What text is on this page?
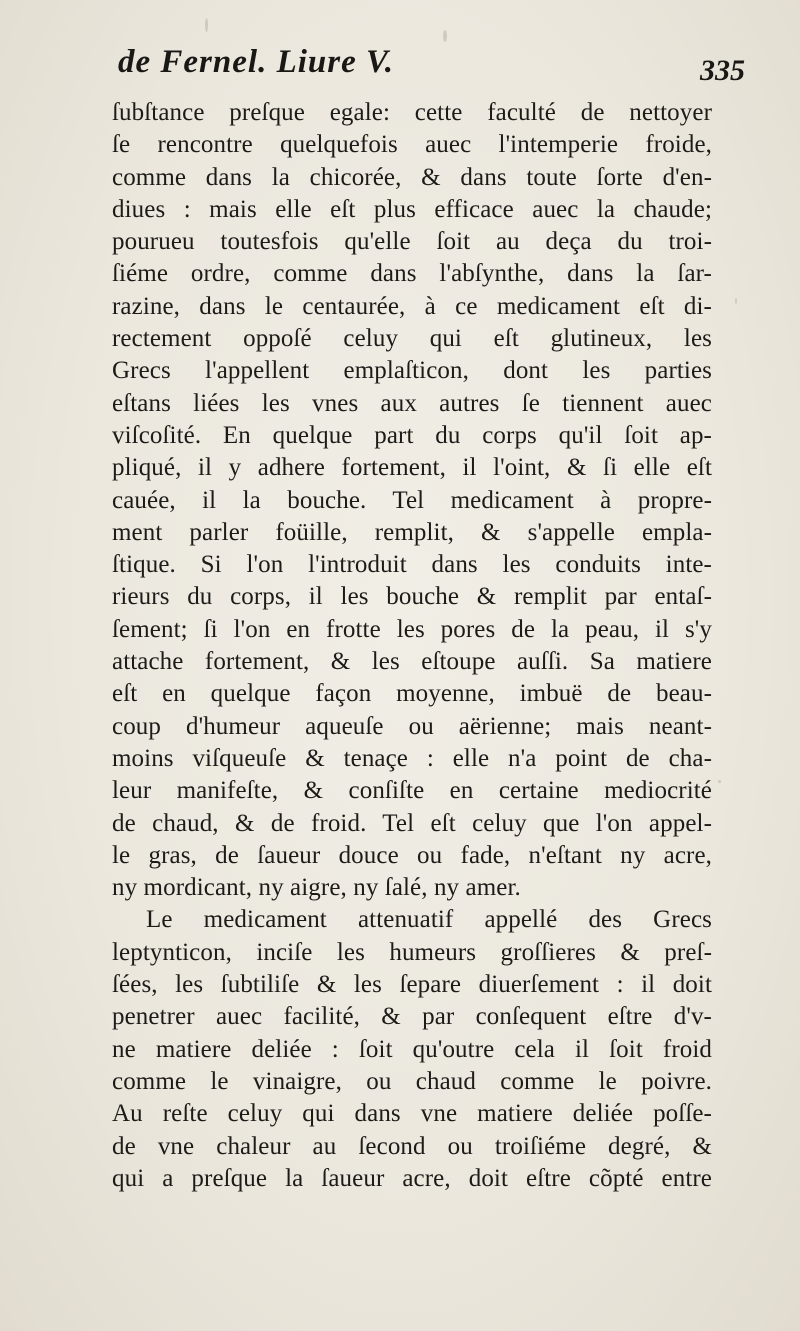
de Fernel. Liure V.	335
ſubſtance preſque egale: cette faculté de nettoyer
ſe rencontre quelquefois auec l'intemperie froide,
comme dans la chicorée, & dans toute ſorte d'en-
diues : mais elle eſt plus efficace auec la chaude;
pourueu toutesfois qu'elle ſoit au deça du troi-
ſiéme ordre, comme dans l'abſynthe, dans la ſar-
razine, dans le centaurée, à ce medicament eſt di-
rectement oppoſé celuy qui eſt glutineux, les
Grecs l'appellent emplaſticon, dont les parties
eſtans liées les vnes aux autres ſe tiennent auec
viſcoſité. En quelque part du corps qu'il ſoit ap-
pliqué, il y adhere fortement, il l'oint, & ſi elle eſt
cauée, il la bouche. Tel medicament à propre-
ment parler foüille, remplit, & s'appelle empla-
ſtique. Si l'on l'introduit dans les conduits inte-
rieurs du corps, il les bouche & remplit par entaſ-
ſement; ſi l'on en frotte les pores de la peau, il s'y
attache fortement, & les eſtoupe auſſi. Sa matiere
eſt en quelque façon moyenne, imbuë de beau-
coup d'humeur aqueuſe ou aërienne; mais neant-
moins viſqueuſe & tenaçe : elle n'a point de cha-
leur manifeſte, & conſiſte en certaine mediocrité
de chaud, & de froid. Tel eſt celuy que l'on appel-
le gras, de ſaueur douce ou fade, n'eſtant ny acre,
ny mordicant, ny aigre, ny ſalé, ny amer.
Le medicament attenuatif appellé des Grecs
leptynticon, inciſe les humeurs groſſieres & preſ-
ſées, les ſubtiliſe & les ſepare diuerſement : il doit
penetrer auec facilité, & par conſequent eſtre d'v-
ne matiere deliée : ſoit qu'outre cela il ſoit froid
comme le vinaigre, ou chaud comme le poivre.
Au reſte celuy qui dans vne matiere deliée poſſe-
de vne chaleur au ſecond ou troiſiéme degré, &
qui a preſque la ſaueur acre, doit eſtre cõpté entre
